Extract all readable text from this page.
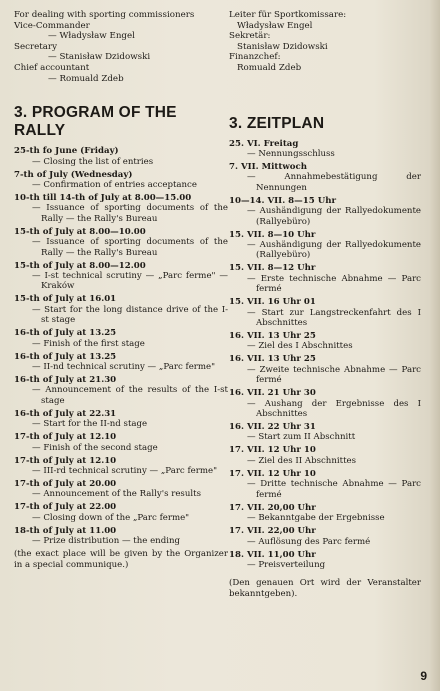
For dealing with sporting commissioners
Vice-Commander
— Władysław Engel
Secretary
— Stanisław Dzidowski
Chief accountant
— Romuald Zdeb
3. PROGRAM OF THE RALLY
25-th fo June (Friday)
— Closing the list of entries
7-th of July (Wednesday)
— Confirmation of entries acceptance
10-th till 14-th of July at 8.00—15.00
— Issuance of sporting documents of the Rally — the Rally's Bureau
15-th of July at 8.00—10.00
— Issuance of sporting documents of the Rally — the Rally's Bureau
15-th of July at 8.00—12.00
— I-st technical scrutiny — „Parc ferme" — Kraków
15-th of July at 16.01
— Start for the long distance drive of the I-st stage
16-th of July at 13.25
— Finish of the first stage
16-th of July at 13.25
— II-nd technical scrutiny — „Parc ferme"
16-th of July at 21.30
— Announcement of the results of the I-st stage
16-th of July at 22.31
— Start for the II-nd stage
17-th of July at 12.10
— Finish of the second stage
17-th of July at 12.10
— III-rd technical scrutiny — „Parc ferme"
17-th of July at 20.00
— Announcement of the Rally's results
17-th of July at 22.00
— Closing down of the „Parc ferme"
18-th of July at 11.00
— Prize distribution — the ending
(the exact place will be given by the Organizer in a special communique.)
Leiter für Sportkomissare:
Władysław Engel
Sekretär:
Stanisław Dzidowski
Finanzchef:
Romuald Zdeb
3. ZEITPLAN
25. VI. Freitag
— Nennungsschluss
7. VII. Mittwoch
— Annahmebestätigung der Nennungen
10—14. VII. 8—15 Uhr
— Aushändigung der Rallyedokumente (Rallyebüro)
15. VII. 8—10 Uhr
— Aushändigung der Rallyedokumente (Rallyebüro)
15. VII. 8—12 Uhr
— Erste technische Abnahme — Parc fermé
15. VII. 16 Uhr 01
— Start zur Langstreckenfahrt des I Abschnittes
16. VII. 13 Uhr 25
— Ziel des I Abschnittes
16. VII. 13 Uhr 25
— Zweite technische Abnahme — Parc fermé
16. VII. 21 Uhr 30
— Aushang der Ergebnisse des I Abschnittes
16. VII. 22 Uhr 31
— Start zum II Abschnitt
17. VII. 12 Uhr 10
— Ziel des II Abschnittes
17. VII. 12 Uhr 10
— Dritte technische Abnahme — Parc fermé
17. VII. 20,00 Uhr
— Bekanntgabe der Ergebnisse
17. VII. 22,00 Uhr
— Auflösung des Parc fermé
18. VII. 11,00 Uhr
— Preisverteilung
(Den genauen Ort wird der Veranstalter bekanntgeben).
9
